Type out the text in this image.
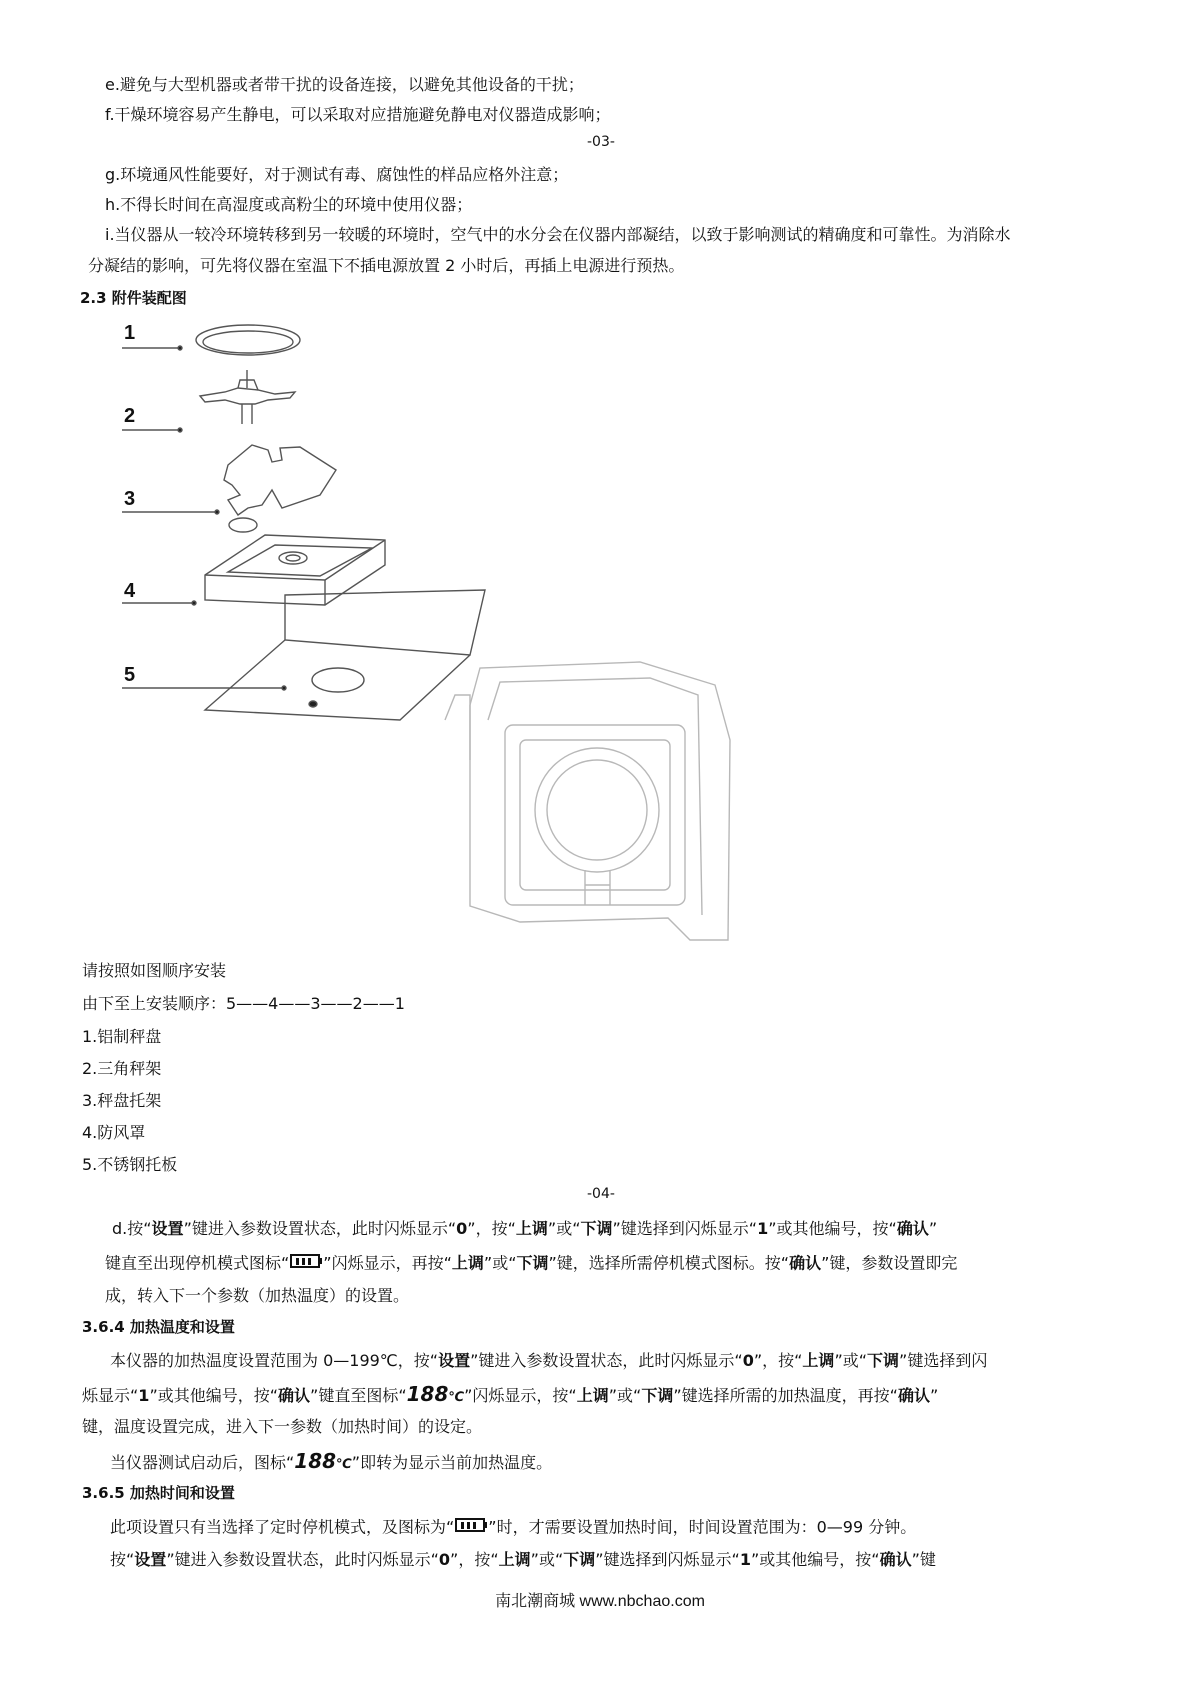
e.避免与大型机器或者带干扰的设备连接，以避免其他设备的干扰；
f.干燥环境容易产生静电，可以采取对应措施避免静电对仪器造成影响；
-03-
g.环境通风性能要好，对于测试有毒、腐蚀性的样品应格外注意；
h.不得长时间在高湿度或高粉尘的环境中使用仪器；
i.当仪器从一较冷环境转移到另一较暖的环境时，空气中的水分会在仪器内部凝结，以致于影响测试的精确度和可靠性。为消除水
分凝结的影响，可先将仪器在室温下不插电源放置 2 小时后，再插上电源进行预热。
2.3 附件装配图
1
2
3
4
5
请按照如图顺序安装
由下至上安装顺序：5——4——3——2——1
1.铝制秤盘
2.三角秤架
3.秤盘托架
4.防风罩
5.不锈钢托板
-04-
d.按“设置”键进入参数设置状态，此时闪烁显示“0”，按“上调”或“下调”键选择到闪烁显示“1”或其他编号，按“确认”
键直至出现停机模式图标“ ”闪烁显示，再按“上调”或“下调”键，选择所需停机模式图标。按“确认”键，参数设置即完
成，转入下一个参数（加热温度）的设置。
3.6.4 加热温度和设置
本仪器的加热温度设置范围为 0—199℃，按“设置”键进入参数设置状态，此时闪烁显示“0”，按“上调”或“下调”键选择到闪
烁显示“1”或其他编号，按“确认”键直至图标“188℃”闪烁显示，按“上调”或“下调”键选择所需的加热温度，再按“确认”
键，温度设置完成，进入下一参数（加热时间）的设定。
当仪器测试启动后，图标“188℃”即转为显示当前加热温度。
3.6.5 加热时间和设置
此项设置只有当选择了定时停机模式，及图标为“ ”时，才需要设置加热时间，时间设置范围为：0—99 分钟。
按“设置”键进入参数设置状态，此时闪烁显示“0”，按“上调”或“下调”键选择到闪烁显示“1”或其他编号，按“确认”键
南北潮商城 www.nbchao.com
